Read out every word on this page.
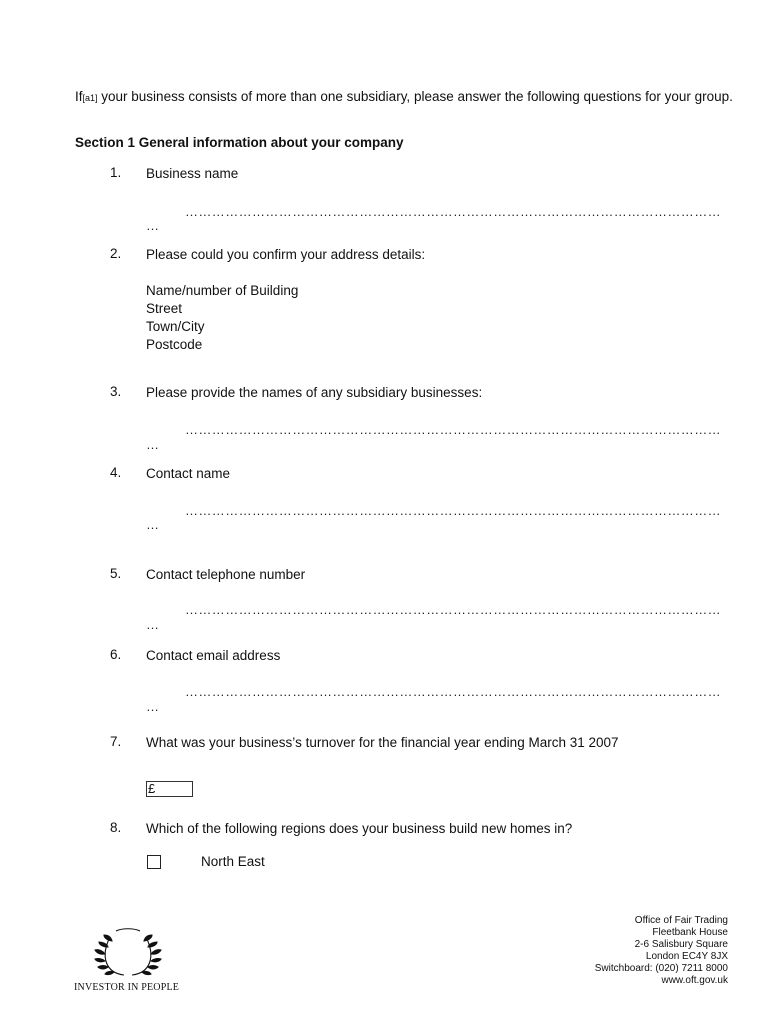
If[a1] your business consists of more than one subsidiary, please answer the following questions for your group.
Section 1 General information about your company
1.	Business name
…………………………………………………………………………………………………………
…
2.	Please could you confirm your address details:
Name/number of Building
Street
Town/City
Postcode
3.	Please provide the names of any subsidiary businesses:
…………………………………………………………………………………………………………
…
4.	Contact name
…………………………………………………………………………………………………………
…
5.	Contact telephone number
…………………………………………………………………………………………………………
…
6.	Contact email address
…………………………………………………………………………………………………………
…
7.	What was your business’s turnover for the financial year ending March 31 2007
£
8.	Which of the following regions does your business build new homes in?
North East
Office of Fair Trading
Fleetbank House
2-6 Salisbury Square
London EC4Y 8JX
Switchboard: (020) 7211 8000
www.oft.gov.uk
INVESTOR IN PEOPLE
